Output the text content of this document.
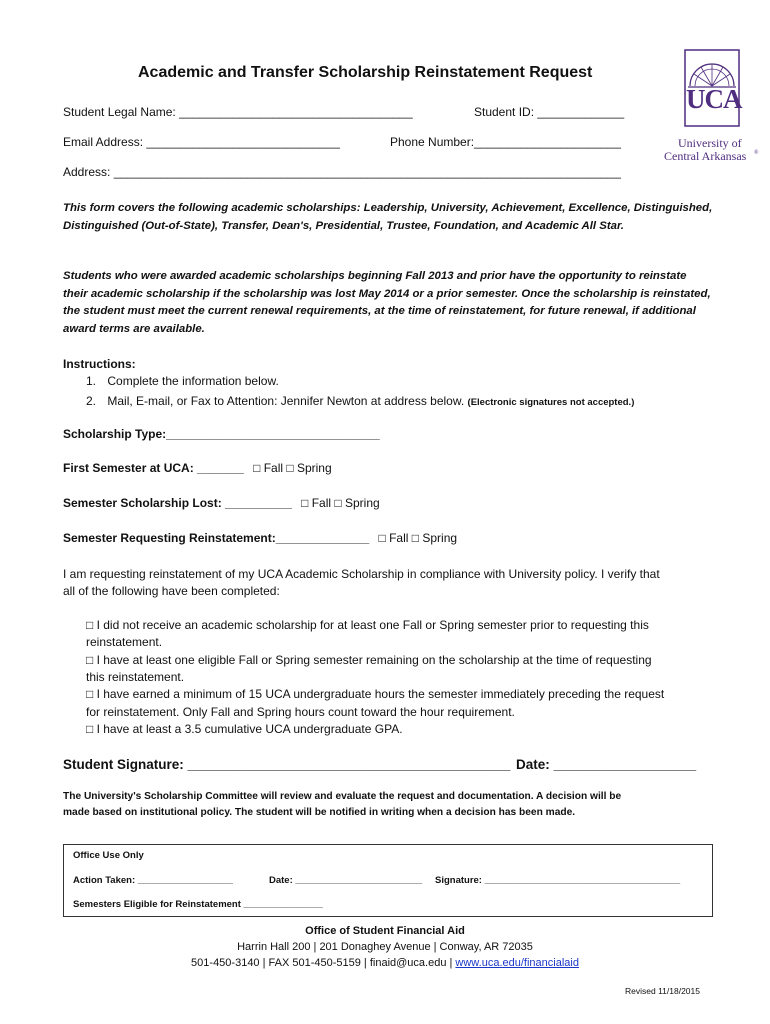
UCA
University of
Central Arkansas ®
Academic and Transfer Scholarship Reinstatement Request
Student Legal Name: ___________________________________	Student ID: _____________
Email Address: _____________________________	Phone Number:______________________
Address: ____________________________________________________________________________
This form covers the following academic scholarships: Leadership, University, Achievement, Excellence, Distinguished, Distinguished (Out-of-State), Transfer, Dean's, Presidential, Trustee, Foundation, and Academic All Star.
Students who were awarded academic scholarships beginning Fall 2013 and prior have the opportunity to reinstate their academic scholarship if the scholarship was lost May 2014 or a prior semester. Once the scholarship is reinstated, the student must meet the current renewal requirements, at the time of reinstatement, for future renewal, if additional award terms are available.
Instructions:
1. Complete the information below.
2. Mail, E-mail, or Fax to Attention: Jennifer Newton at address below. (Electronic signatures not accepted.)
Scholarship Type:________________________________
First Semester at UCA: _______ □ Fall □ Spring
Semester Scholarship Lost: __________ □ Fall □ Spring
Semester Requesting Reinstatement:______________ □ Fall □ Spring
I am requesting reinstatement of my UCA Academic Scholarship in compliance with University policy. I verify that
all of the following have been completed:
□ I did not receive an academic scholarship for at least one Fall or Spring semester prior to requesting this
reinstatement.
□ I have at least one eligible Fall or Spring semester remaining on the scholarship at the time of requesting
this reinstatement.
□ I have earned a minimum of 15 UCA undergraduate hours the semester immediately preceding the request
for reinstatement. Only Fall and Spring hours count toward the hour requirement.
□ I have at least a 3.5 cumulative UCA undergraduate GPA.
Student Signature: ___________________________________________ Date: ___________________
The University's Scholarship Committee will review and evaluate the request and documentation. A decision will be
made based on institutional policy. The student will be notified in writing when a decision has been made.
Office Use Only
Action Taken: __________________	Date: ________________________ Signature: _____________________________________
Semesters Eligible for Reinstatement _______________
Office of Student Financial Aid
Harrin Hall 200 | 201 Donaghey Avenue | Conway, AR 72035
501-450-3140 | FAX 501-450-5159 | finaid@uca.edu | www.uca.edu/financialaid
Revised 11/18/2015
